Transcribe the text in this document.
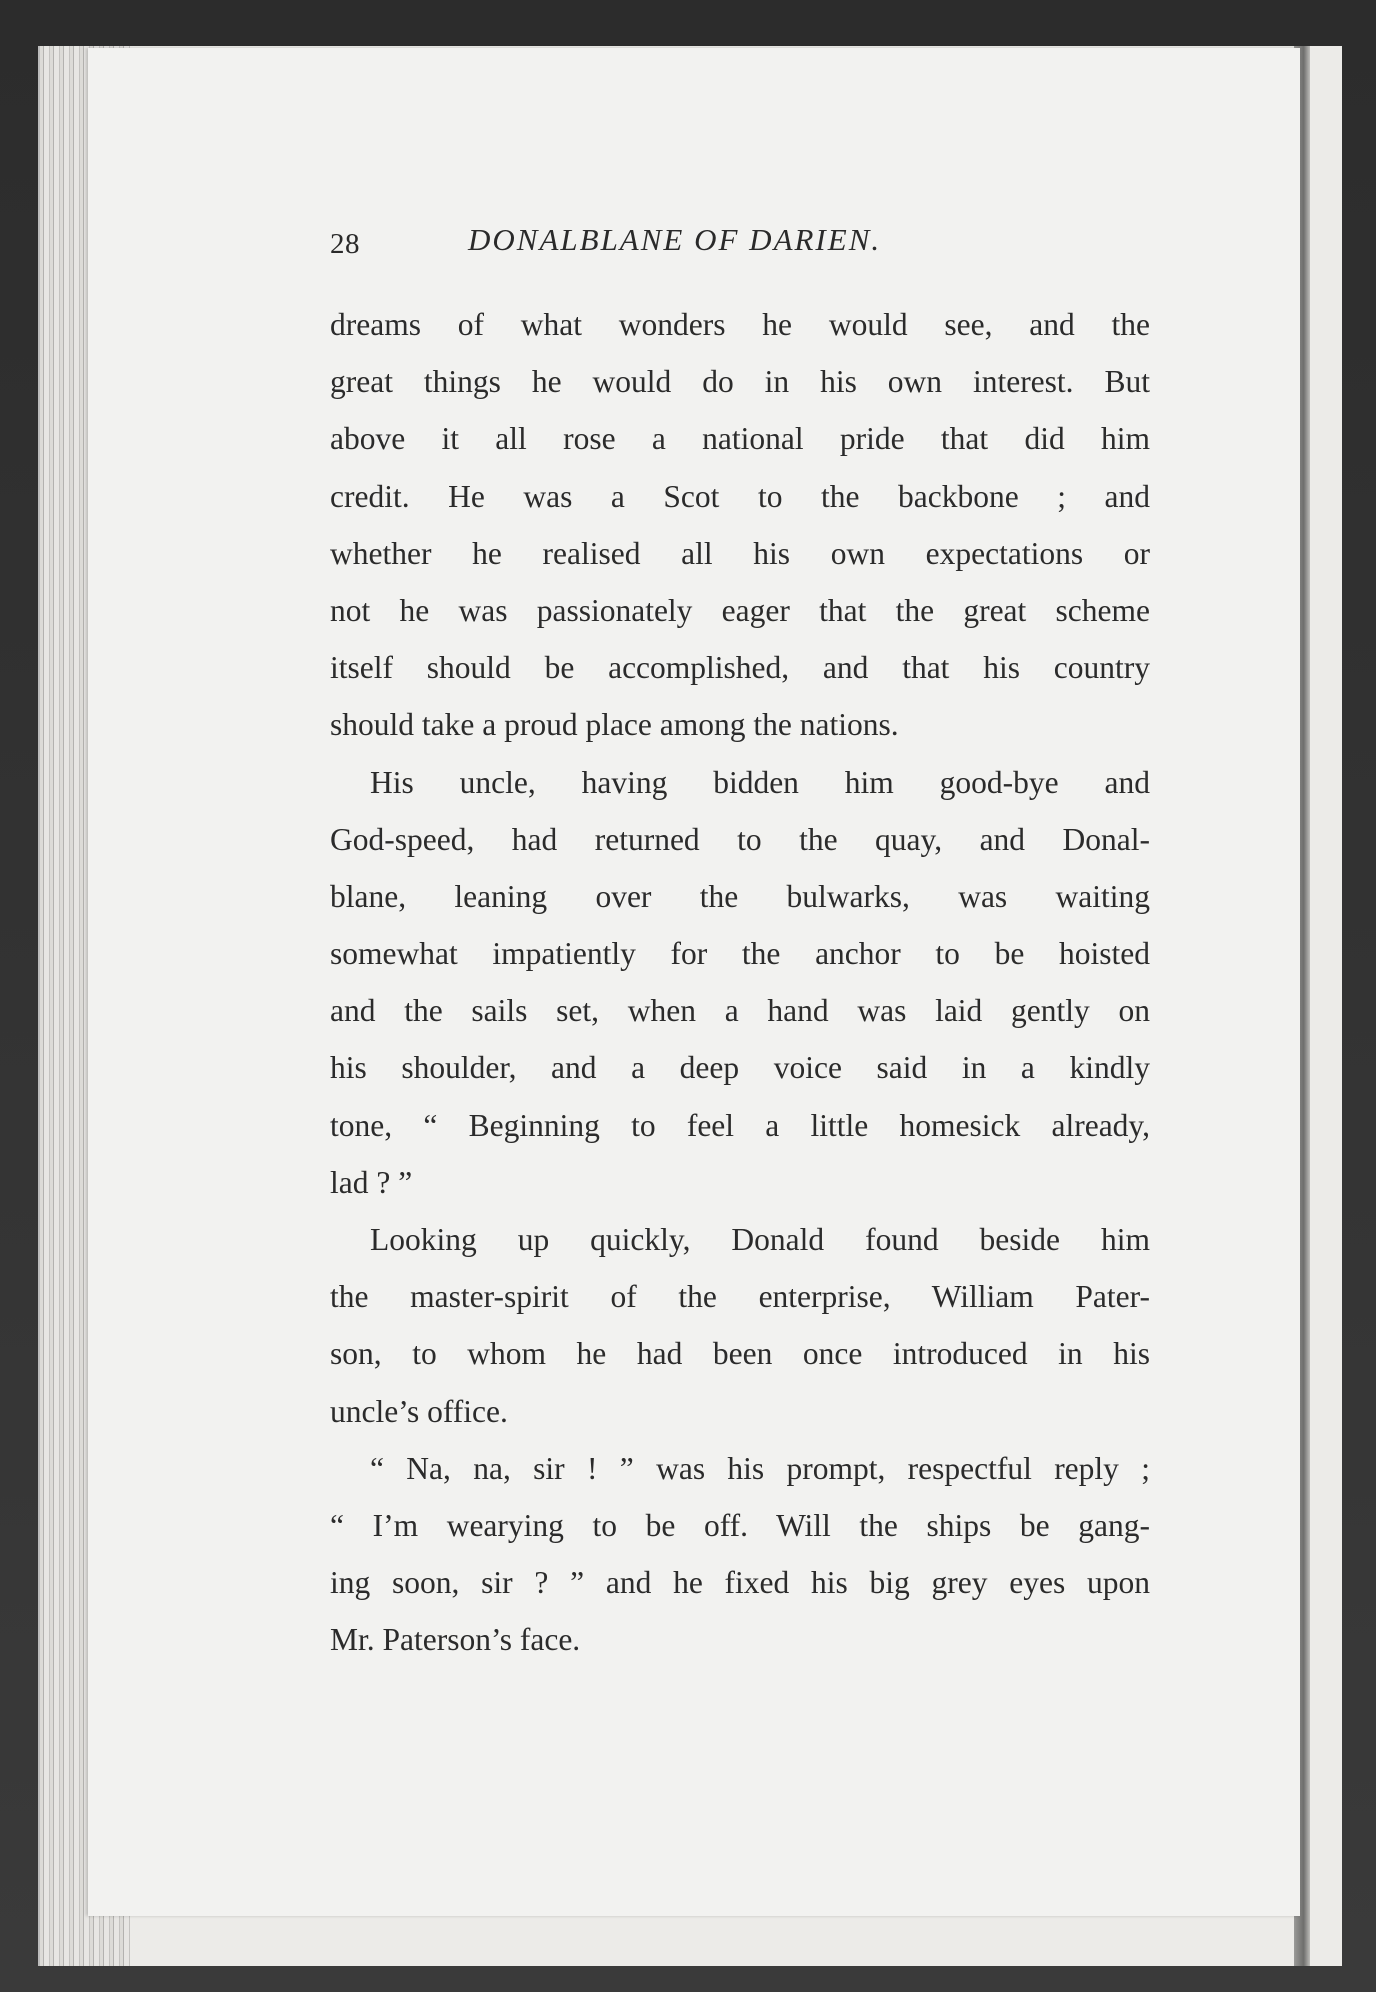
28	DONALBLANE OF DARIEN.

dreams of what wonders he would see, and the
great things he would do in his own interest. But
above it all rose a national pride that did him
credit. He was a Scot to the backbone ; and
whether he realised all his own expectations or
not he was passionately eager that the great scheme
itself should be accomplished, and that his country
should take a proud place among the nations.

His uncle, having bidden him good-bye and
God-speed, had returned to the quay, and Donal-
blane, leaning over the bulwarks, was waiting
somewhat impatiently for the anchor to be hoisted
and the sails set, when a hand was laid gently on
his shoulder, and a deep voice said in a kindly
tone, “ Beginning to feel a little homesick already,
lad ? ”

Looking up quickly, Donald found beside him
the master-spirit of the enterprise, William Pater-
son, to whom he had been once introduced in his
uncle’s office.

“ Na, na, sir ! ” was his prompt, respectful reply ;
“ I’m wearying to be off. Will the ships be gang-
ing soon, sir ? ” and he fixed his big grey eyes upon
Mr. Paterson’s face.
